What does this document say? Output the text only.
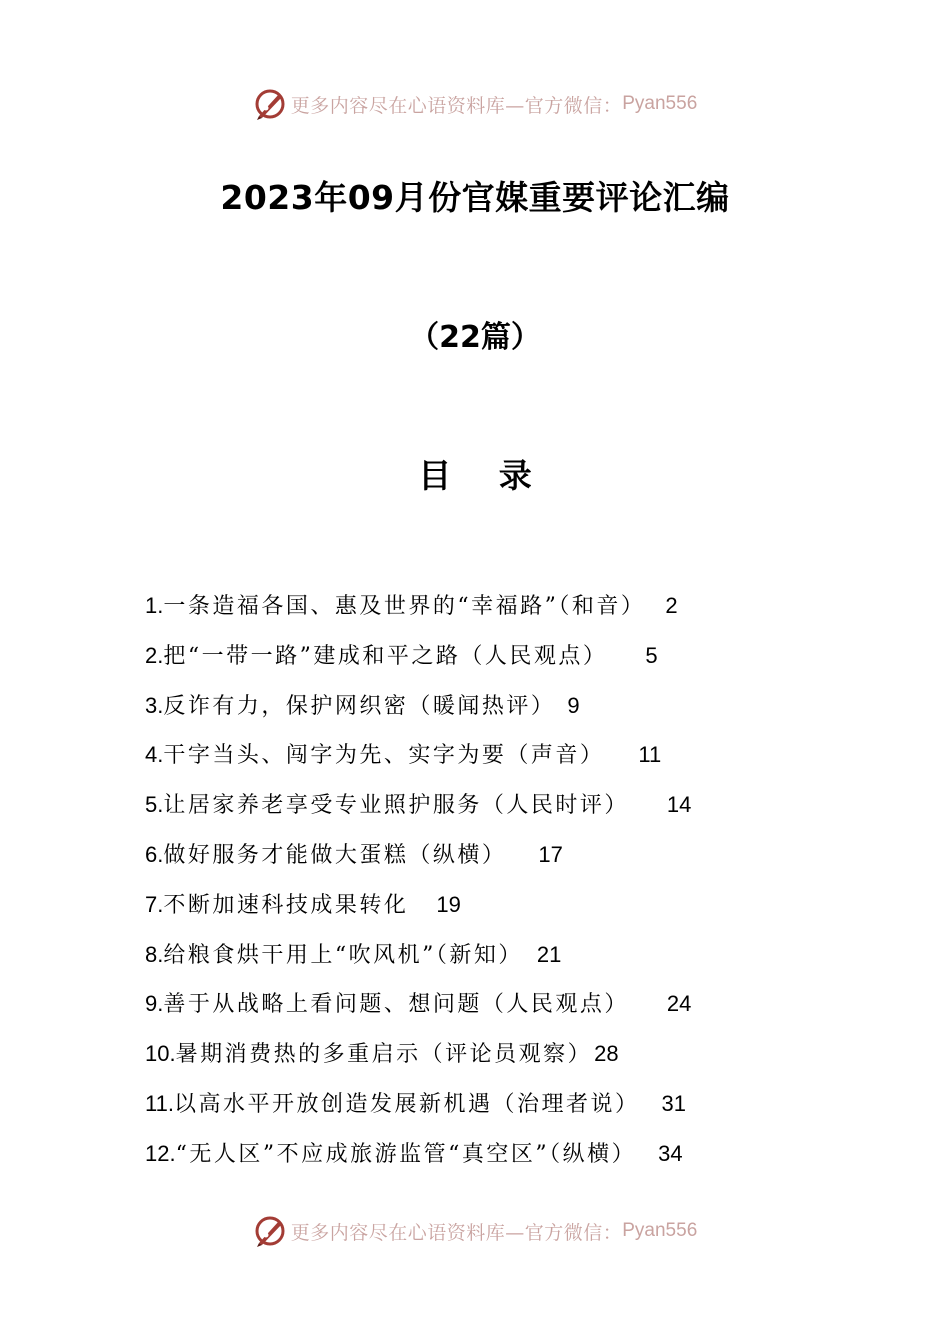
更多内容尽在心语资料库—官方微信： Pyan556
2023年09月份官媒重要评论汇编
（22篇）
目 录
1.一条造福各国、惠及世界的“幸福路”（和音） 2
2.把“一带一路”建成和平之路（人民观点） 5
3.反诈有力，保护网织密（暖闻热评） 9
4.干字当头、闯字为先、实字为要（声音） 11
5.让居家养老享受专业照护服务（人民时评） 14
6.做好服务才能做大蛋糕（纵横） 17
7.不断加速科技成果转化 19
8.给粮食烘干用上“吹风机”（新知） 21
9.善于从战略上看问题、想问题（人民观点） 24
10.暑期消费热的多重启示（评论员观察）28
11.以高水平开放创造发展新机遇（治理者说） 31
12.“无人区”不应成旅游监管“真空区”（纵横） 34
更多内容尽在心语资料库—官方微信： Pyan556
